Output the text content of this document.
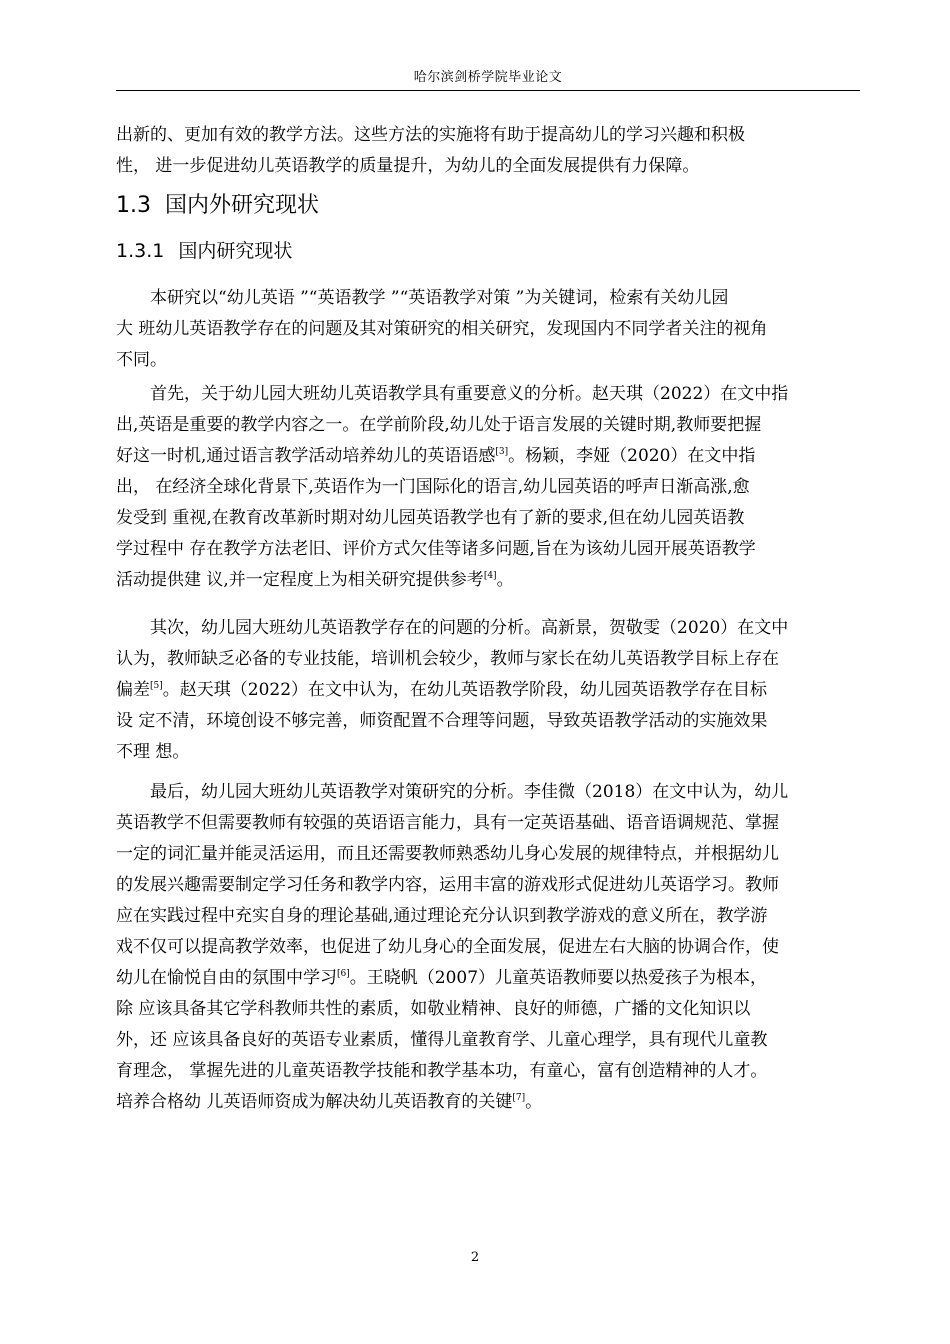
哈尔滨剑桥学院毕业论文

出新的、更加有效的教学方法。这些方法的实施将有助于提高幼儿的学习兴趣和积极
性， 进一步促进幼儿英语教学的质量提升，为幼儿的全面发展提供有力保障。

1.3 国内外研究现状
1.3.1 国内研究现状

本研究以“幼儿英语 ”“英语教学 ”“英语教学对策 ”为关键词，检索有关幼儿园
大 班幼儿英语教学存在的问题及其对策研究的相关研究，发现国内不同学者关注的视角
不同。

首先，关于幼儿园大班幼儿英语教学具有重要意义的分析。赵天琪（2022）在文中指
出,英语是重要的教学内容之一。在学前阶段,幼儿处于语言发展的关键时期,教师要把握
好这一时机,通过语言教学活动培养幼儿的英语语感[3]。杨颖，李娅（2020）在文中指
出， 在经济全球化背景下,英语作为一门国际化的语言,幼儿园英语的呼声日渐高涨,愈
发受到 重视,在教育改革新时期对幼儿园英语教学也有了新的要求,但在幼儿园英语教
学过程中 存在教学方法老旧、评价方式欠佳等诸多问题,旨在为该幼儿园开展英语教学
活动提供建 议,并一定程度上为相关研究提供参考[4]。

其次，幼儿园大班幼儿英语教学存在的问题的分析。高新景，贺敬雯（2020）在文中
认为，教师缺乏必备的专业技能，培训机会较少，教师与家长在幼儿英语教学目标上存在
偏差[5]。赵天琪（2022）在文中认为，在幼儿英语教学阶段，幼儿园英语教学存在目标
设 定不清，环境创设不够完善，师资配置不合理等问题，导致英语教学活动的实施效果
不理 想。

最后，幼儿园大班幼儿英语教学对策研究的分析。李佳微（2018）在文中认为，幼儿
英语教学不但需要教师有较强的英语语言能力，具有一定英语基础、语音语调规范、掌握
一定的词汇量并能灵活运用，而且还需要教师熟悉幼儿身心发展的规律特点，并根据幼儿
的发展兴趣需要制定学习任务和教学内容，运用丰富的游戏形式促进幼儿英语学习。教师
应在实践过程中充实自身的理论基础,通过理论充分认识到教学游戏的意义所在，教学游
戏不仅可以提高教学效率，也促进了幼儿身心的全面发展，促进左右大脑的协调合作，使
幼儿在愉悦自由的氛围中学习[6]。王晓帆（2007）儿童英语教师要以热爱孩子为根本，
除 应该具备其它学科教师共性的素质，如敬业精神、良好的师德，广播的文化知识以
外，还 应该具备良好的英语专业素质，懂得儿童教育学、儿童心理学，具有现代儿童教
育理念， 掌握先进的儿童英语教学技能和教学基本功，有童心，富有创造精神的人才。
培养合格幼 儿英语师资成为解决幼儿英语教育的关键[7]。

2
